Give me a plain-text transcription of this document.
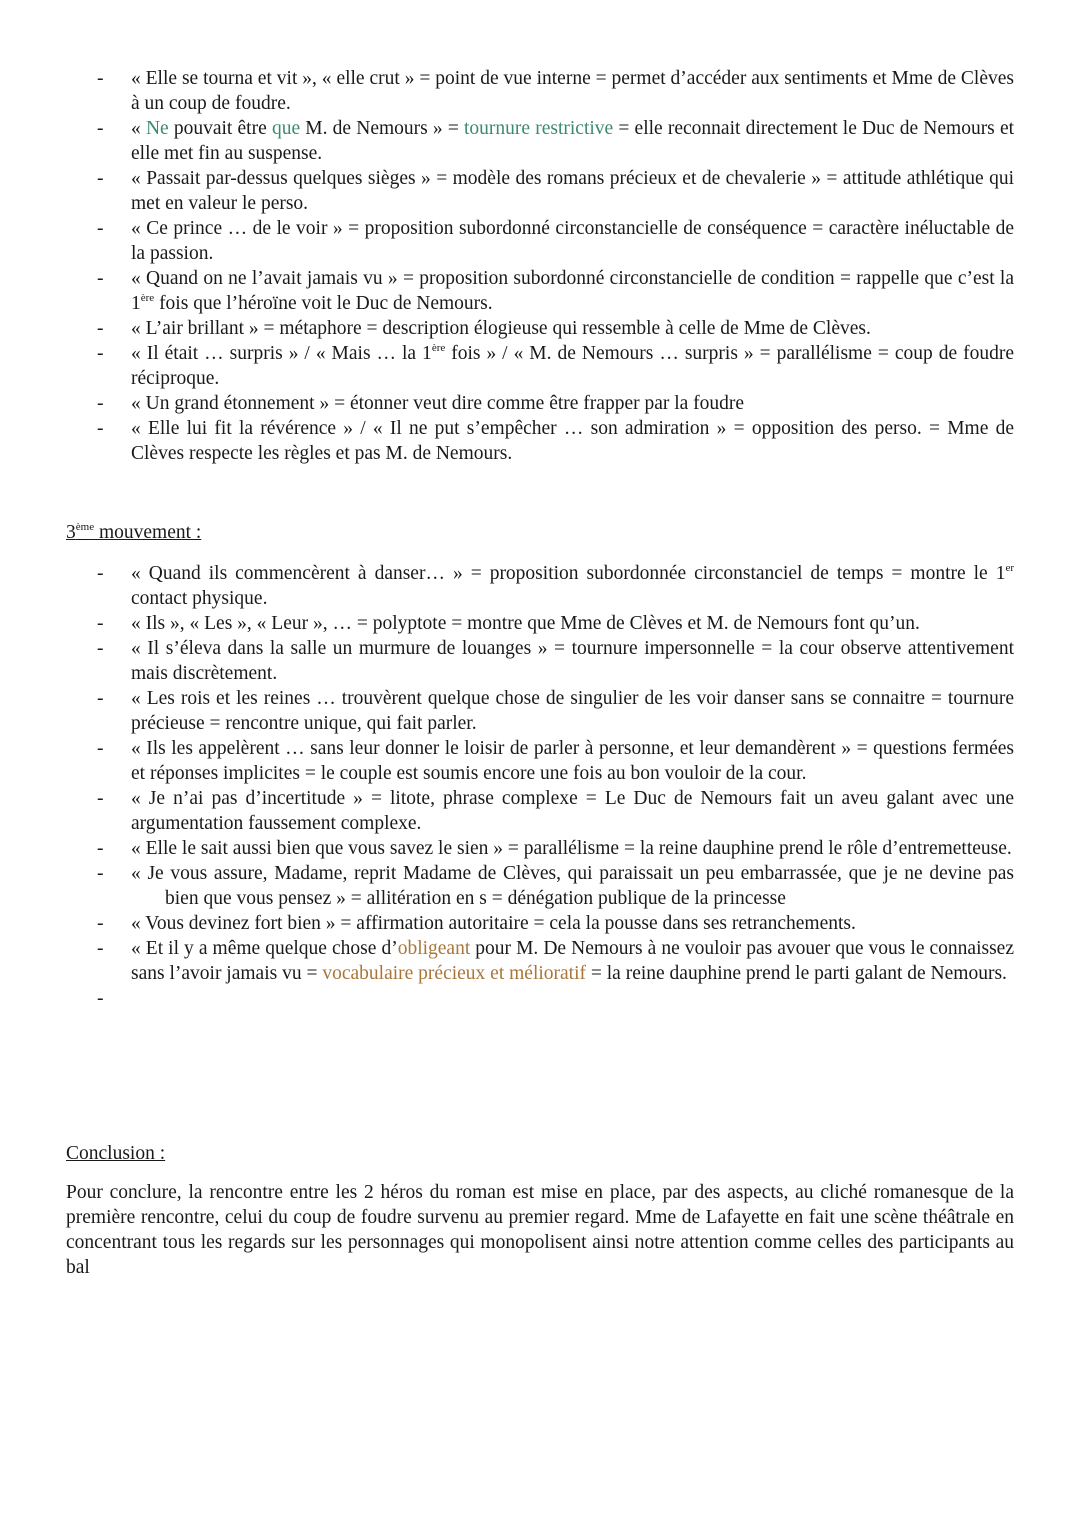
- « Elle se tourna et vit », « elle crut » = point de vue interne = permet d’accéder aux sentiments et Mme de Clèves à un coup de foudre.
- « Ne pouvait être que M. de Nemours » = tournure restrictive = elle reconnait directement le Duc de Nemours et elle met fin au suspense.
- « Passait par-dessus quelques sièges » = modèle des romans précieux et de chevalerie » = attitude athlétique qui met en valeur le perso.
- « Ce prince … de le voir » = proposition subordonné circonstancielle de conséquence = caractère inéluctable de la passion.
- « Quand on ne l’avait jamais vu » = proposition subordonné circonstancielle de condition = rappelle que c’est la 1ère fois que l’héroïne voit le Duc de Nemours.
- « L’air brillant » = métaphore = description élogieuse qui ressemble à celle de Mme de Clèves.
- « Il était … surpris » / « Mais … la 1ère fois » / « M. de Nemours … surpris » = parallélisme = coup de foudre réciproque.
- « Un grand étonnement » = étonner veut dire comme être frapper par la foudre
- « Elle lui fit la révérence » / « Il ne put s’empêcher … son admiration » = opposition des perso. = Mme de Clèves respecte les règles et pas M. de Nemours.
3ème mouvement :
- « Quand ils commencèrent à danser… » = proposition subordonnée circonstanciel de temps = montre le 1er contact physique.
- « Ils », « Les », « Leur », … = polyptote = montre que Mme de Clèves et M. de Nemours font qu’un.
- « Il s’éleva dans la salle un murmure de louanges » = tournure impersonnelle = la cour observe attentivement mais discrètement.
- « Les rois et les reines … trouvèrent quelque chose de singulier de les voir danser sans se connaitre = tournure précieuse = rencontre unique, qui fait parler.
- « Ils les appelèrent … sans leur donner le loisir de parler à personne, et leur demandèrent » = questions fermées et réponses implicites = le couple est soumis encore une fois au bon vouloir de la cour.
- « Je n’ai pas d’incertitude » = litote, phrase complexe = Le Duc de Nemours fait un aveu galant avec une argumentation faussement complexe.
- « Elle le sait aussi bien que vous savez le sien » = parallélisme = la reine dauphine prend le rôle d’entremetteuse.
- « Je vous assure, Madame, reprit Madame de Clèves, qui paraissait un peu embarrassée, que je ne devine pasbien que vous pensez » = allitération en s = dénégation publique de la princesse
- « Vous devinez fort bien » = affirmation autoritaire = cela la pousse dans ses retranchements.
- « Et il y a même quelque chose d’obligeant pour M. De Nemours à ne vouloir pas avouer que vous le connaissez sans l’avoir jamais vu = vocabulaire précieux et mélioratif = la reine dauphine prend le parti galant de Nemours.
-
Conclusion :
Pour conclure, la rencontre entre les 2 héros du roman est mise en place, par des aspects, au cliché romanesque de la première rencontre, celui du coup de foudre survenu au premier regard. Mme de Lafayette en fait une scène théâtrale en concentrant tous les regards sur les personnages qui monopolisent ainsi notre attention comme celles des participants au bal
